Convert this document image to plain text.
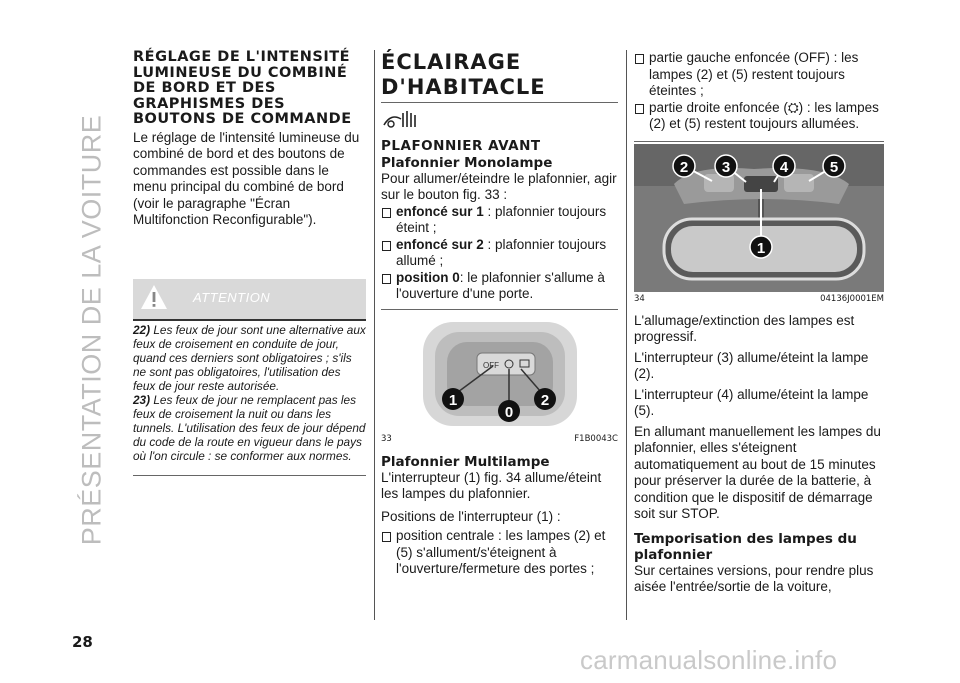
PRÉSENTATION DE LA VOITURE
RÉGLAGE DE L'INTENSITÉ LUMINEUSE DU COMBINÉ DE BORD ET DES GRAPHISMES DES BOUTONS DE COMMANDE

Le réglage de l'intensité lumineuse du combiné de bord et des boutons de commandes est possible dans le menu principal du combiné de bord (voir le paragraphe "Écran Multifonction Reconfigurable").

ATTENTION

22) Les feux de jour sont une alternative aux feux de croisement en conduite de jour, quand ces derniers sont obligatoires ; s'ils ne sont pas obligatoires, l'utilisation des feux de jour reste autorisée.

23) Les feux de jour ne remplacent pas les feux de croisement la nuit ou dans les tunnels. L'utilisation des feux de jour dépend du code de la route en vigueur dans le pays où l'on circule : se conformer aux normes.

ÉCLAIRAGE
D'HABITACLE
PLAFONNIER AVANT
Plafonnier Monolampe

Pour allumer/éteindre le plafonnier, agir sur le bouton fig. 33 :

enfoncé sur 1 : plafonnier toujours éteint ;
enfoncé sur 2 : plafonnier toujours allumé ;
position 0: le plafonnier s'allume à l'ouverture d'une porte.
OFF
1	2
0
33	F1B0043C
Plafonnier Multilampe

L'interrupteur (1) fig. 34 allume/éteint les lampes du plafonnier.

Positions de l'interrupteur (1) :

position centrale : les lampes (2) et (5) s'allument/s'éteignent à l'ouverture/fermeture des portes ;
partie gauche enfoncée (OFF) : les lampes (2) et (5) restent toujours éteintes ;
partie droite enfoncée (⛭) : les lampes (2) et (5) restent toujours allumées.
2 3	4	5
1
34	04136J0001EM

L'allumage/extinction des lampes est progressif.

L'interrupteur (3) allume/éteint la lampe (2).

L'interrupteur (4) allume/éteint la lampe (5).

En allumant manuellement les lampes du plafonnier, elles s'éteignent automatiquement au bout de 15 minutes pour préserver la durée de la batterie, à condition que le dispositif de démarrage soit sur STOP.

Temporisation des lampes du plafonnier

Sur certaines versions, pour rendre plus aisée l'entrée/sortie de la voiture,

28
carmanualsonline.info
